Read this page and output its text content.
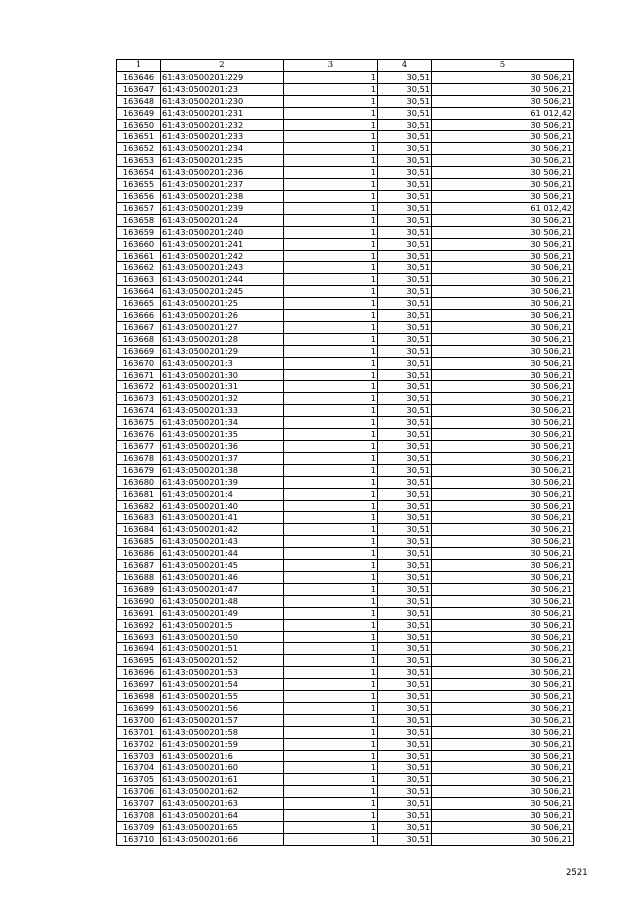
1	2	3	4	5
163646	61:43:0500201:229	1	30,51	30 506,21
163647	61:43:0500201:23	1	30,51	30 506,21
163648	61:43:0500201:230	1	30,51	30 506,21
163649	61:43:0500201:231	1	30,51	61 012,42
163650	61:43:0500201:232	1	30,51	30 506,21
163651	61:43:0500201:233	1	30,51	30 506,21
163652	61:43:0500201:234	1	30,51	30 506,21
163653	61:43:0500201:235	1	30,51	30 506,21
163654	61:43:0500201:236	1	30,51	30 506,21
163655	61:43:0500201:237	1	30,51	30 506,21
163656	61:43:0500201:238	1	30,51	30 506,21
163657	61:43:0500201:239	1	30,51	61 012,42
163658	61:43:0500201:24	1	30,51	30 506,21
163659	61:43:0500201:240	1	30,51	30 506,21
163660	61:43:0500201:241	1	30,51	30 506,21
163661	61:43:0500201:242	1	30,51	30 506,21
163662	61:43:0500201:243	1	30,51	30 506,21
163663	61:43:0500201:244	1	30,51	30 506,21
163664	61:43:0500201:245	1	30,51	30 506,21
163665	61:43:0500201:25	1	30,51	30 506,21
163666	61:43:0500201:26	1	30,51	30 506,21
163667	61:43:0500201:27	1	30,51	30 506,21
163668	61:43:0500201:28	1	30,51	30 506,21
163669	61:43:0500201:29	1	30,51	30 506,21
163670	61:43:0500201:3	1	30,51	30 506,21
163671	61:43:0500201:30	1	30,51	30 506,21
163672	61:43:0500201:31	1	30,51	30 506,21
163673	61:43:0500201:32	1	30,51	30 506,21
163674	61:43:0500201:33	1	30,51	30 506,21
163675	61:43:0500201:34	1	30,51	30 506,21
163676	61:43:0500201:35	1	30,51	30 506,21
163677	61:43:0500201:36	1	30,51	30 506,21
163678	61:43:0500201:37	1	30,51	30 506,21
163679	61:43:0500201:38	1	30,51	30 506,21
163680	61:43:0500201:39	1	30,51	30 506,21
163681	61:43:0500201:4	1	30,51	30 506,21
163682	61:43:0500201:40	1	30,51	30 506,21
163683	61:43:0500201:41	1	30,51	30 506,21
163684	61:43:0500201:42	1	30,51	30 506,21
163685	61:43:0500201:43	1	30,51	30 506,21
163686	61:43:0500201:44	1	30,51	30 506,21
163687	61:43:0500201:45	1	30,51	30 506,21
163688	61:43:0500201:46	1	30,51	30 506,21
163689	61:43:0500201:47	1	30,51	30 506,21
163690	61:43:0500201:48	1	30,51	30 506,21
163691	61:43:0500201:49	1	30,51	30 506,21
163692	61:43:0500201:5	1	30,51	30 506,21
163693	61:43:0500201:50	1	30,51	30 506,21
163694	61:43:0500201:51	1	30,51	30 506,21
163695	61:43:0500201:52	1	30,51	30 506,21
163696	61:43:0500201:53	1	30,51	30 506,21
163697	61:43:0500201:54	1	30,51	30 506,21
163698	61:43:0500201:55	1	30,51	30 506,21
163699	61:43:0500201:56	1	30,51	30 506,21
163700	61:43:0500201:57	1	30,51	30 506,21
163701	61:43:0500201:58	1	30,51	30 506,21
163702	61:43:0500201:59	1	30,51	30 506,21
163703	61:43:0500201:6	1	30,51	30 506,21
163704	61:43:0500201:60	1	30,51	30 506,21
163705	61:43:0500201:61	1	30,51	30 506,21
163706	61:43:0500201:62	1	30,51	30 506,21
163707	61:43:0500201:63	1	30,51	30 506,21
163708	61:43:0500201:64	1	30,51	30 506,21
163709	61:43:0500201:65	1	30,51	30 506,21
163710	61:43:0500201:66	1	30,51	30 506,21
2521
